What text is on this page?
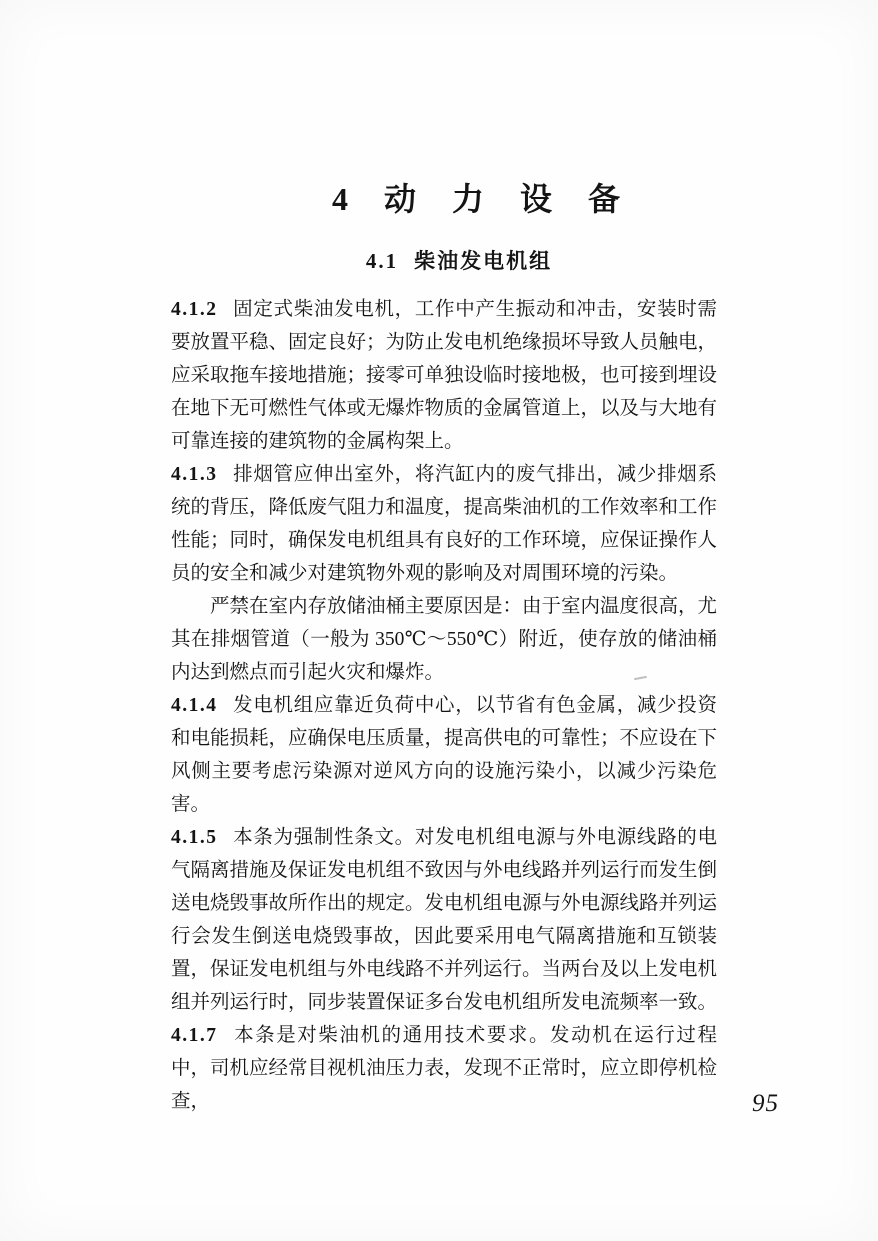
4 动 力 设 备
4.1 柴油发电机组

4.1.2 固定式柴油发电机，工作中产生振动和冲击，安装时需要放置平稳、固定良好；为防止发电机绝缘损坏导致人员触电，应采取拖车接地措施；接零可单独设临时接地极，也可接到埋设在地下无可燃性气体或无爆炸物质的金属管道上，以及与大地有可靠连接的建筑物的金属构架上。

4.1.3 排烟管应伸出室外，将汽缸内的废气排出，减少排烟系统的背压，降低废气阻力和温度，提高柴油机的工作效率和工作性能；同时，确保发电机组具有良好的工作环境，应保证操作人员的安全和减少对建筑物外观的影响及对周围环境的污染。

严禁在室内存放储油桶主要原因是：由于室内温度很高，尤其在排烟管道（一般为 350℃～550℃）附近，使存放的储油桶内达到燃点而引起火灾和爆炸。

4.1.4 发电机组应靠近负荷中心，以节省有色金属，减少投资和电能损耗，应确保电压质量，提高供电的可靠性；不应设在下风侧主要考虑污染源对逆风方向的设施污染小，以减少污染危害。

4.1.5 本条为强制性条文。对发电机组电源与外电源线路的电气隔离措施及保证发电机组不致因与外电线路并列运行而发生倒送电烧毁事故所作出的规定。发电机组电源与外电源线路并列运行会发生倒送电烧毁事故，因此要采用电气隔离措施和互锁装置，保证发电机组与外电线路不并列运行。当两台及以上发电机组并列运行时，同步装置保证多台发电机组所发电流频率一致。

4.1.7 本条是对柴油机的通用技术要求。发动机在运行过程中，司机应经常目视机油压力表，发现不正常时，应立即停机检查，	95
